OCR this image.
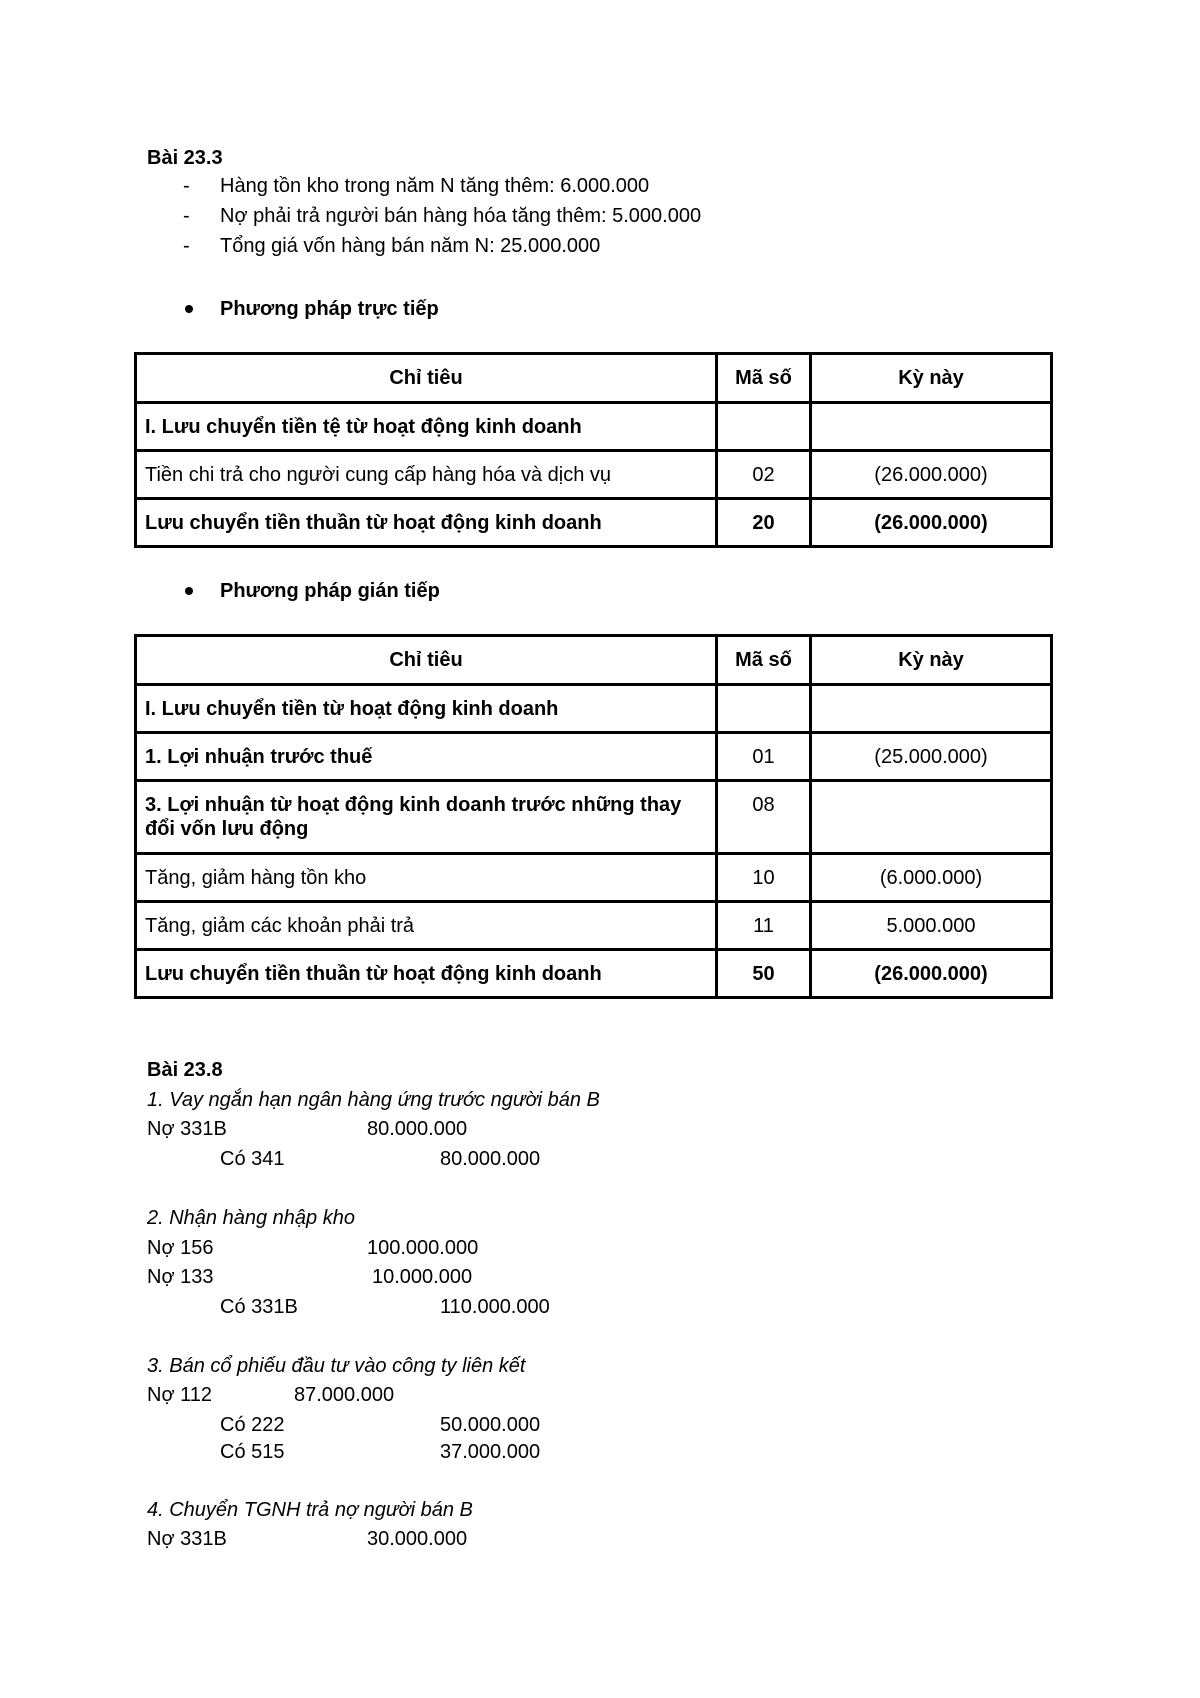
Bài 23.3
- Hàng tồn kho trong năm N tăng thêm: 6.000.000
- Nợ phải trả người bán hàng hóa tăng thêm: 5.000.000
- Tổng giá vốn hàng bán năm N: 25.000.000
Phương pháp trực tiếp
Chỉ tiêu	Mã số	Kỳ này
I. Lưu chuyển tiền tệ từ hoạt động kinh doanh		
Tiền chi trả cho người cung cấp hàng hóa và dịch vụ	02	(26.000.000)
Lưu chuyển tiền thuần từ hoạt động kinh doanh	20	(26.000.000)
Phương pháp gián tiếp
Chỉ tiêu	Mã số	Kỳ này
I. Lưu chuyển tiền từ hoạt động kinh doanh		
1. Lợi nhuận trước thuế	01	(25.000.000)
3. Lợi nhuận từ hoạt động kinh doanh trước những thay đổi vốn lưu động	08	
Tăng, giảm hàng tồn kho	10	(6.000.000)
Tăng, giảm các khoản phải trả	11	5.000.000
Lưu chuyển tiền thuần từ hoạt động kinh doanh	50	(26.000.000)
Bài 23.8
1. Vay ngắn hạn ngân hàng ứng trước người bán B
Nợ 331B	80.000.000
Có 341	80.000.000
2. Nhận hàng nhập kho
Nợ 156	100.000.000
Nợ 133	10.000.000
Có 331B	110.000.000
3. Bán cổ phiếu đầu tư vào công ty liên kết
Nợ 112	87.000.000
Có 222	50.000.000
Có 515	37.000.000
4. Chuyển TGNH trả nợ người bán B
Nợ 331B	30.000.000
